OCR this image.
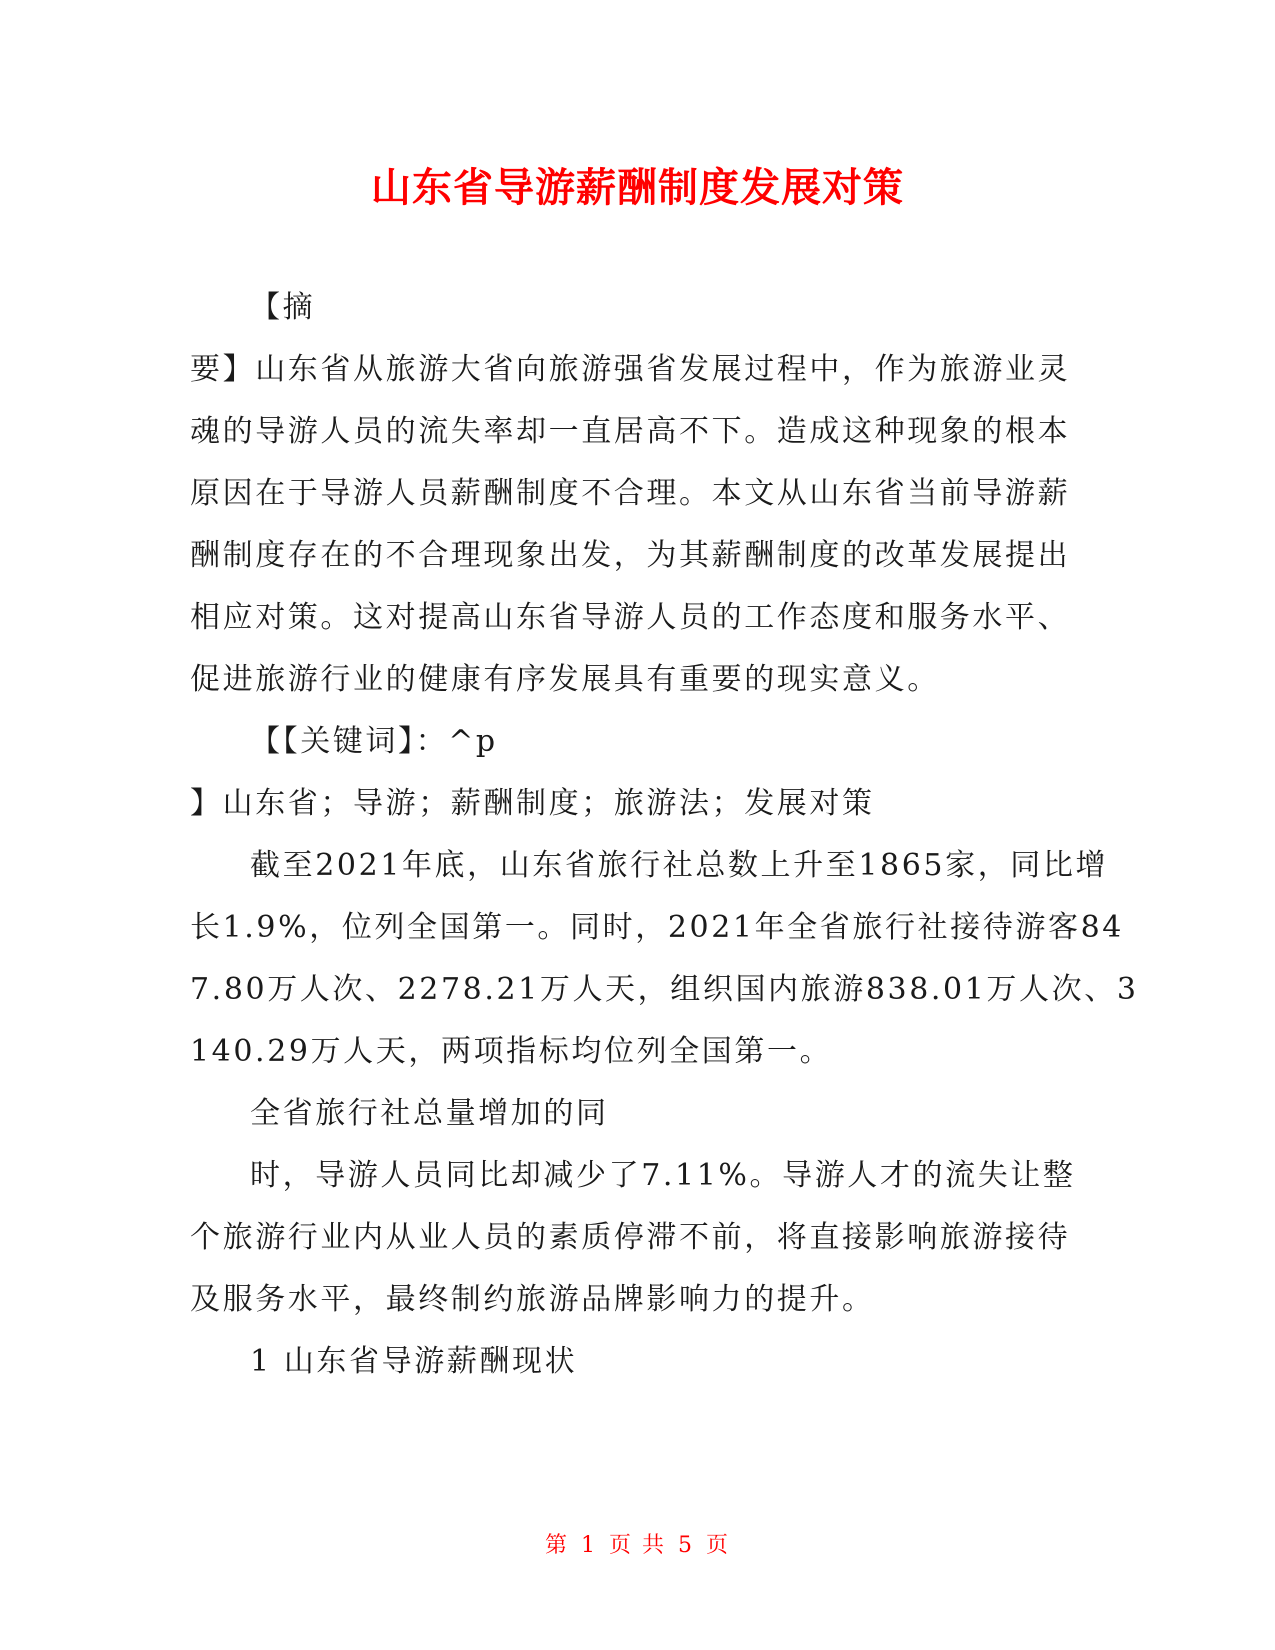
山东省导游薪酬制度发展对策
【摘
要】山东省从旅游大省向旅游强省发展过程中，作为旅游业灵
魂的导游人员的流失率却一直居高不下。造成这种现象的根本
原因在于导游人员薪酬制度不合理。本文从山东省当前导游薪
酬制度存在的不合理现象出发，为其薪酬制度的改革发展提出
相应对策。这对提高山东省导游人员的工作态度和服务水平、
促进旅游行业的健康有序发展具有重要的现实意义。
【【关键词】：^p
】山东省；导游；薪酬制度；旅游法；发展对策
截至2021年底，山东省旅行社总数上升至1865家，同比增
长1.9%，位列全国第一。同时，2021年全省旅行社接待游客84
7.80万人次、2278.21万人天，组织国内旅游838.01万人次、3
140.29万人天，两项指标均位列全国第一。
全省旅行社总量增加的同
时，导游人员同比却减少了7.11%。导游人才的流失让整
个旅游行业内从业人员的素质停滞不前，将直接影响旅游接待
及服务水平，最终制约旅游品牌影响力的提升。
1 山东省导游薪酬现状
第 1 页 共 5 页
